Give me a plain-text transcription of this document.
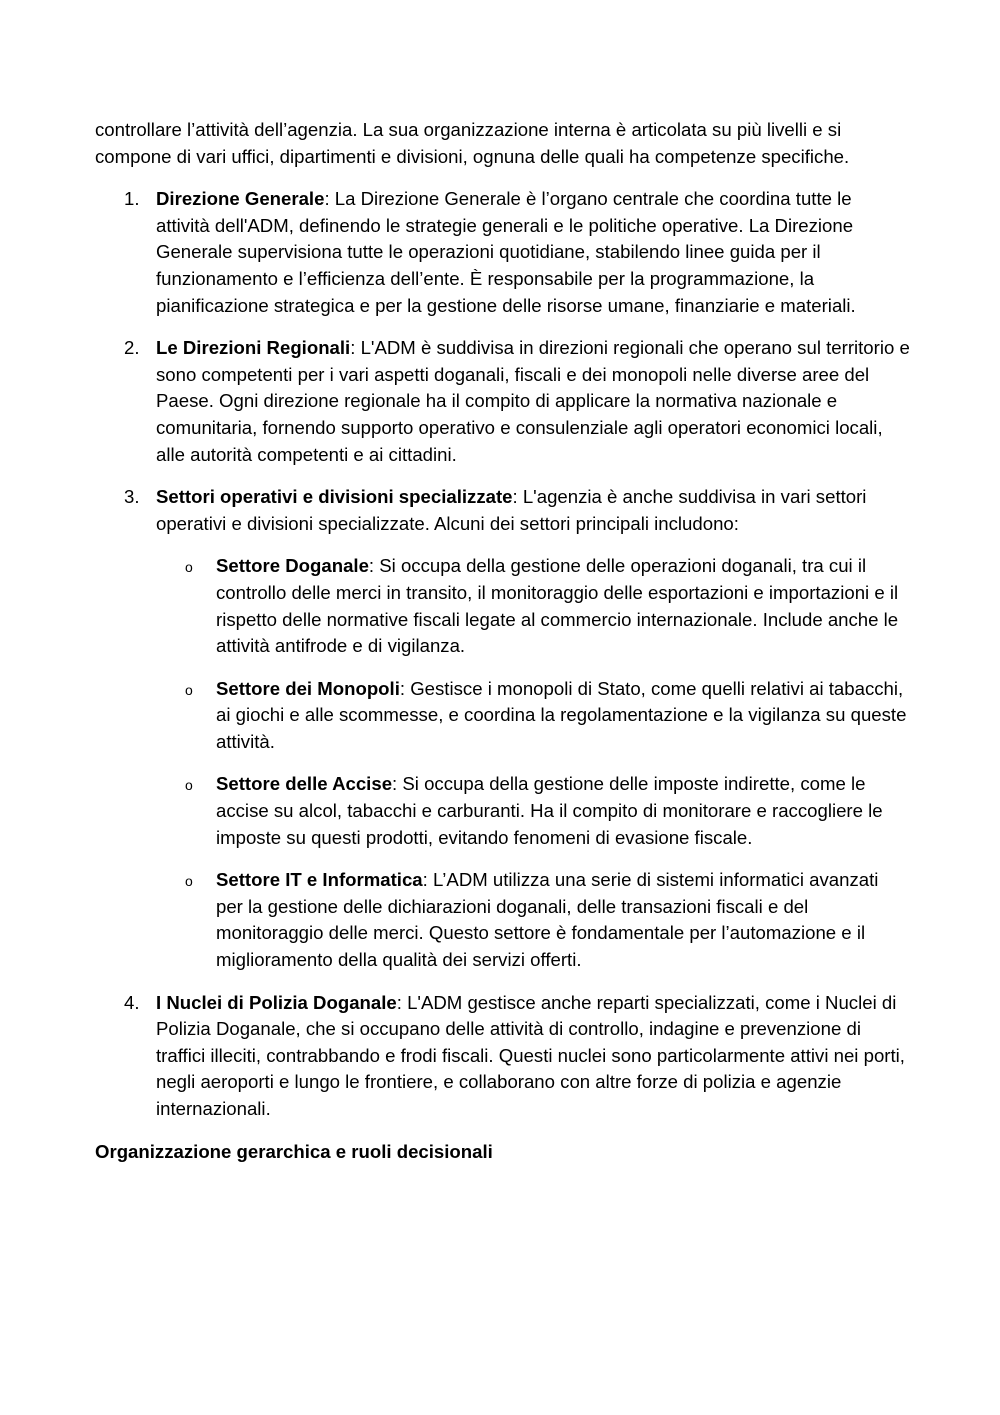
controllare l’attività dell’agenzia. La sua organizzazione interna è articolata su più livelli e si compone di vari uffici, dipartimenti e divisioni, ognuna delle quali ha competenze specifiche.

1. Direzione Generale: La Direzione Generale è l’organo centrale che coordina tutte le attività dell'ADM, definendo le strategie generali e le politiche operative. La Direzione Generale supervisiona tutte le operazioni quotidiane, stabilendo linee guida per il funzionamento e l’efficienza dell’ente. È responsabile per la programmazione, la pianificazione strategica e per la gestione delle risorse umane, finanziarie e materiali.
2. Le Direzioni Regionali: L'ADM è suddivisa in direzioni regionali che operano sul territorio e sono competenti per i vari aspetti doganali, fiscali e dei monopoli nelle diverse aree del Paese. Ogni direzione regionale ha il compito di applicare la normativa nazionale e comunitaria, fornendo supporto operativo e consulenziale agli operatori economici locali, alle autorità competenti e ai cittadini.
3. Settori operativi e divisioni specializzate: L'agenzia è anche suddivisa in vari settori operativi e divisioni specializzate. Alcuni dei settori principali includono:
o Settore Doganale: Si occupa della gestione delle operazioni doganali, tra cui il controllo delle merci in transito, il monitoraggio delle esportazioni e importazioni e il rispetto delle normative fiscali legate al commercio internazionale. Include anche le attività antifrode e di vigilanza.
o Settore dei Monopoli: Gestisce i monopoli di Stato, come quelli relativi ai tabacchi, ai giochi e alle scommesse, e coordina la regolamentazione e la vigilanza su queste attività.
o Settore delle Accise: Si occupa della gestione delle imposte indirette, come le accise su alcol, tabacchi e carburanti. Ha il compito di monitorare e raccogliere le imposte su questi prodotti, evitando fenomeni di evasione fiscale.
o Settore IT e Informatica: L’ADM utilizza una serie di sistemi informatici avanzati per la gestione delle dichiarazioni doganali, delle transazioni fiscali e del monitoraggio delle merci. Questo settore è fondamentale per l’automazione e il miglioramento della qualità dei servizi offerti.
4. I Nuclei di Polizia Doganale: L'ADM gestisce anche reparti specializzati, come i Nuclei di Polizia Doganale, che si occupano delle attività di controllo, indagine e prevenzione di traffici illeciti, contrabbando e frodi fiscali. Questi nuclei sono particolarmente attivi nei porti, negli aeroporti e lungo le frontiere, e collaborano con altre forze di polizia e agenzie internazionali.

Organizzazione gerarchica e ruoli decisionali
